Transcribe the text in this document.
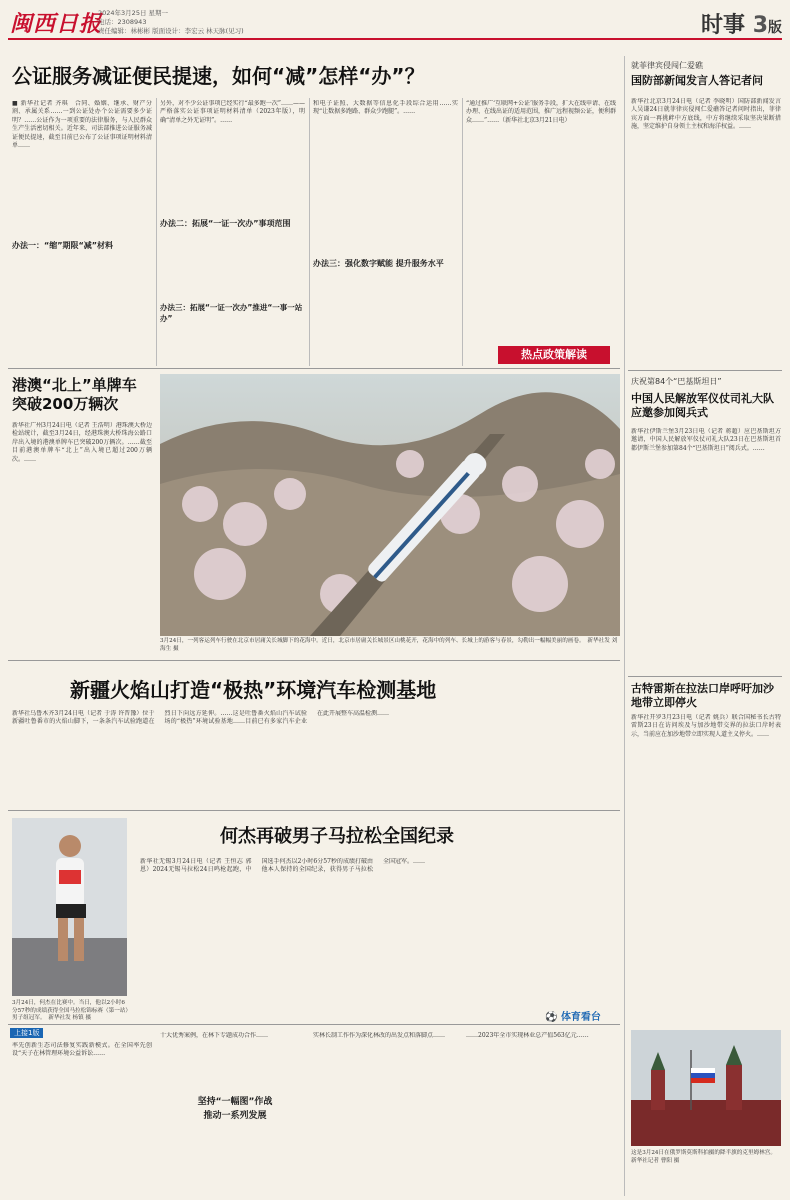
闽西日报
2024年3月25日 星期一
电话：2308943
责任编辑：林彬彬 版面设计：李宏云 林天脉(见习)	时事 3版
公证服务减证便民提速，如何“减”怎样“办”？
■ 新华社记者 齐琪　合同、婚姻、继承、财产分割、承属关系……一到公证处办个公证需要多少证明？……公证作为一项重要的法律服务，与人民群众生产生活密切相关。近年来，司法部推进公证服务减证便民提速，截至目前已公布了公证事项证明材料清单……
办法一：“缩”期限“减”材料
另外，对不少公证事项已经实行“最多跑一次”……——严格落实公证事项证明材料清单（2023年版），明确“清单之外无证明”。……
办法二：拓展“一证一次办”事项范围
办法三：拓展“一证一次办”推进“一事一站办”
和电子证照、大数据等信息化手段综合运用……实现“让数据多跑路、群众少跑腿”。……
办法三：强化数字赋能 提升服务水平
“通过推广‘互联网+公证’服务手段，扩大在线申请、在线办理、在线出证的适用范围，推广远程视频公证，便利群众……”……（新华社北京3月21日电）
热点政策解读
港澳“北上”单牌车
突破200万辆次
新华社广州3月24日电（记者 王浩明）港珠澳大桥边检站统计，截至3月24日，经港珠澳大桥珠海公路口岸出入境的港澳单牌车已突破200万辆次。……截至目前港澳单牌车“北上”出入境已超过200万辆次。……
3月24日，一列客运列车行驶在北京市居庸关长城脚下的花海中。近日，北京市居庸关长城景区山桃花开，花海中的列车、长城上的游客与春景，勾勒出一幅幅美丽的画卷。　新华社发 刘海生 摄
新疆火焰山打造“极热”环境汽车检测基地
新华社乌鲁木齐3月24日电（记者 于涛 许晋豫）位于新疆吐鲁番市的火焰山脚下，一条条汽车试验跑道在烈日下向远方延伸。……这是吐鲁番火焰山汽车试验场的“极热”环境试验基地……目前已有多家汽车企业在此开展整车高温检测……
3月24日，何杰在比赛中。当日，他以2小时6分57秒的成绩获得全国马拉松锦标赛（第一站）男子组冠军。　新华社发 杨镇 摄
何杰再破男子马拉松全国纪录
新华社无锡3月24日电（记者 王恒志 郭恩）2024无锡马拉松24日鸣枪起跑，中国选手何杰以2小时6分57秒的成绩打破由他本人保持的全国纪录，获得男子马拉松全国冠军。……
⚽ 体育看台
上接1版
率先创新生态司法修复实践新模式。在全国率先创设“天子在林管理环境公益诉讼……
十大优秀案例，在林下专题成功合作……
坚持“一幅图”作战
推动一系列发展
实林长制工作作为深化林改的出发点和落脚点……	……2023年全市实现林业总产值563亿元……
就菲律宾侵闯仁爱礁
国防部新闻发言人答记者问
新华社北京3月24日电（记者 李晓明）国防部新闻发言人吴谦24日就菲律宾侵闯仁爱礁答记者问时指出，菲律宾方面一再挑衅中方底线，中方将继续采取坚决果断措施，坚定维护自身领土主权和海洋权益。……
庆祝第84个“巴基斯坦日”
中国人民解放军仪仗司礼大队应邀参加阅兵式
新华社伊斯兰堡3月23日电（记者 蒋超）应巴基斯坦方邀请，中国人民解放军仪仗司礼大队23日在巴基斯坦首都伊斯兰堡参加第84个“巴基斯坦日”阅兵式。……
古特雷斯在拉法口岸呼吁加沙地带立即停火
新华社开罗3月23日电（记者 姚兵）联合国秘书长古特雷斯23日在访问埃及与加沙地带交界的拉法口岸时表示，当前应在加沙地带立即实现人道主义停火。……
这是3月24日在俄罗斯莫斯科拍摄的降半旗的克里姆林宫。　新华社记者 曹阳 摄
